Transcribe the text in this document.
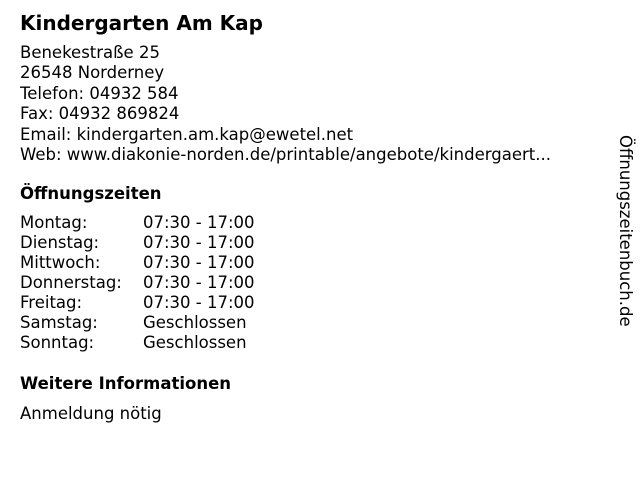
Kindergarten Am Kap
Benekestraße 25
26548 Norderney
Telefon: 04932 584
Fax: 04932 869824
Email: kindergarten.am.kap@ewetel.net
Web: www.diakonie-norden.de/printable/angebote/kindergaert...
Öffnungszeiten
Montag:	07:30 - 17:00
Dienstag:	07:30 - 17:00
Mittwoch:	07:30 - 17:00
Donnerstag: 07:30 - 17:00
Freitag:	07:30 - 17:00
Samstag:	Geschlossen
Sonntag:	Geschlossen
Weitere Informationen
Anmeldung nötig
Öffnungszeitenbuch.de
